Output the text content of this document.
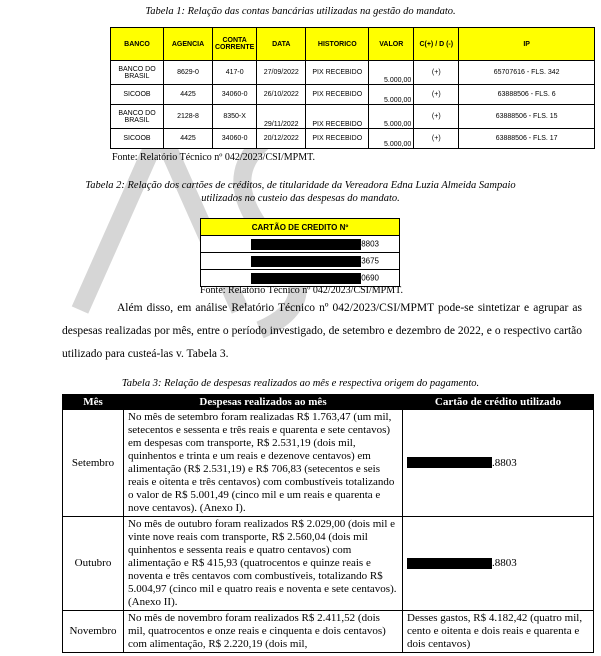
Tabela 1: Relação das contas bancárias utilizadas na gestão do mandato.
BANCO	AGENCIA	CONTA CORRENTE	DATA	HISTORICO	VALOR	C(+) / D (-)	IP
BANCO DO BRASIL	8629-0	417-0	27/09/2022	PIX RECEBIDO	5.000,00	(+)	65707616 - FLS. 342
SICOOB	4425	34060-0	26/10/2022	PIX RECEBIDO	5.000,00	(+)	63888506 - FLS. 6
BANCO DO BRASIL	2128-8	8350-X	29/11/2022	PIX RECEBIDO	5.000,00	(+)	63888506 - FLS. 15
SICOOB	4425	34060-0	20/12/2022	PIX RECEBIDO	5.000,00	(+)	63888506 - FLS. 17
Fonte: Relatório Técnico nº 042/2023/CSI/MPMT.
Tabela 2: Relação dos cartões de créditos, de titularidade da Vereadora Edna Luzia Almeida Sampaio
utilizados no custeio das despesas do mandato.
CARTÃO DE CREDITO Nº
8803
3675
0690
Fonte: Relatório Técnico nº 042/2023/CSI/MPMT.
Além disso, em análise Relatório Técnico nº 042/2023/CSI/MPMT pode-se sintetizar e agrupar as despesas realizadas por mês, entre o período investigado, de setembro e dezembro de 2022, e o respectivo cartão utilizado para custeá-las v. Tabela 3.
Tabela 3: Relação de despesas realizados ao mês e respectiva origem do pagamento.
Mês	Despesas realizados ao mês	Cartão de crédito utilizado
Setembro	No mês de setembro foram realizadas R$ 1.763,47 (um mil, setecentos e sessenta e três reais e quarenta e sete centavos) em despesas com transporte, R$ 2.531,19 (dois mil, quinhentos e trinta e um reais e dezenove centavos) em alimentação (R$ 2.531,19) e R$ 706,83 (setecentos e seis reais e oitenta e três centavos) com combustíveis totalizando o valor de R$ 5.001,49 (cinco mil e um reais e quarenta e nove centavos). (Anexo I).	.8803
Outubro	No mês de outubro foram realizados R$ 2.029,00 (dois mil e vinte nove reais com transporte, R$ 2.560,04 (dois mil quinhentos e sessenta reais e quatro centavos) com alimentação e R$ 415,93 (quatrocentos e quinze reais e noventa e três centavos com combustíveis, totalizando R$ 5.004,97 (cinco mil e quatro reais e noventa e sete centavos). (Anexo II).	.8803
Novembro	No mês de novembro foram realizados R$ 2.411,52 (dois mil, quatrocentos e onze reais e cinquenta e dois centavos) com alimentação, R$ 2.220,19 (dois mil,	Desses gastos, R$ 4.182,42 (quatro mil, cento e oitenta e dois reais e quarenta e dois centavos)
